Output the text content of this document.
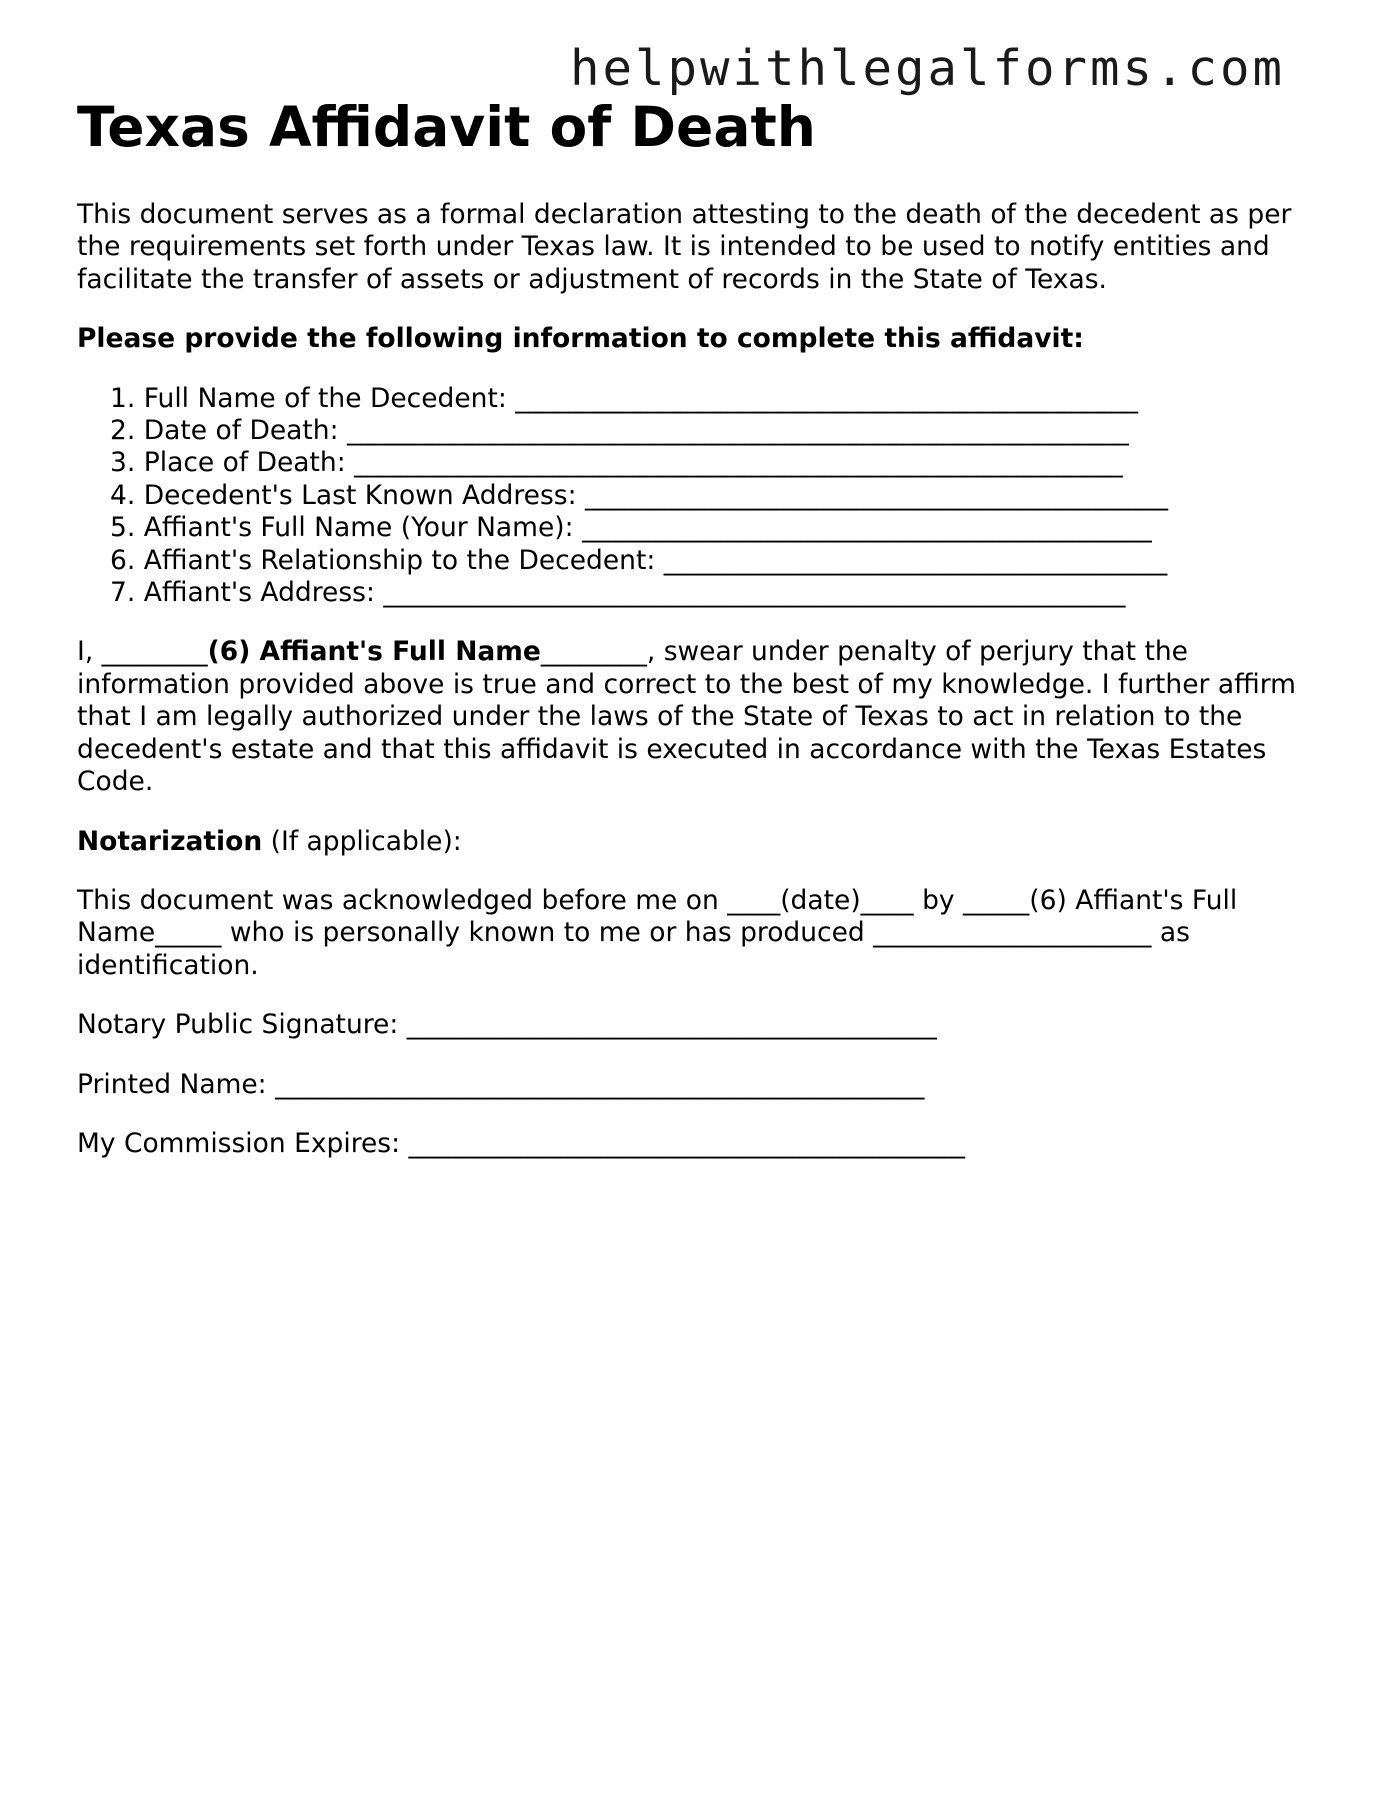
helpwithlegalforms.com
Texas Affidavit of Death

This document serves as a formal declaration attesting to the death of the decedent as per the requirements set forth under Texas law. It is intended to be used to notify entities and facilitate the transfer of assets or adjustment of records in the State of Texas.

Please provide the following information to complete this affidavit:

1. Full Name of the Decedent: _______________________________________________
2. Date of Death: ___________________________________________________________
3. Place of Death: __________________________________________________________
4. Decedent's Last Known Address: ____________________________________________
5. Affiant's Full Name (Your Name): ___________________________________________
6. Affiant's Relationship to the Decedent: ______________________________________
7. Affiant's Address: ________________________________________________________

I, ________(6) Affiant's Full Name________, swear under penalty of perjury that the information provided above is true and correct to the best of my knowledge. I further affirm that I am legally authorized under the laws of the State of Texas to act in relation to the decedent's estate and that this affidavit is executed in accordance with the Texas Estates Code.

Notarization (If applicable):

This document was acknowledged before me on ____(date)____ by _____(6) Affiant's Full Name_____ who is personally known to me or has produced _____________________ as identification.

Notary Public Signature: ________________________________________

Printed Name: _________________________________________________

My Commission Expires: __________________________________________
